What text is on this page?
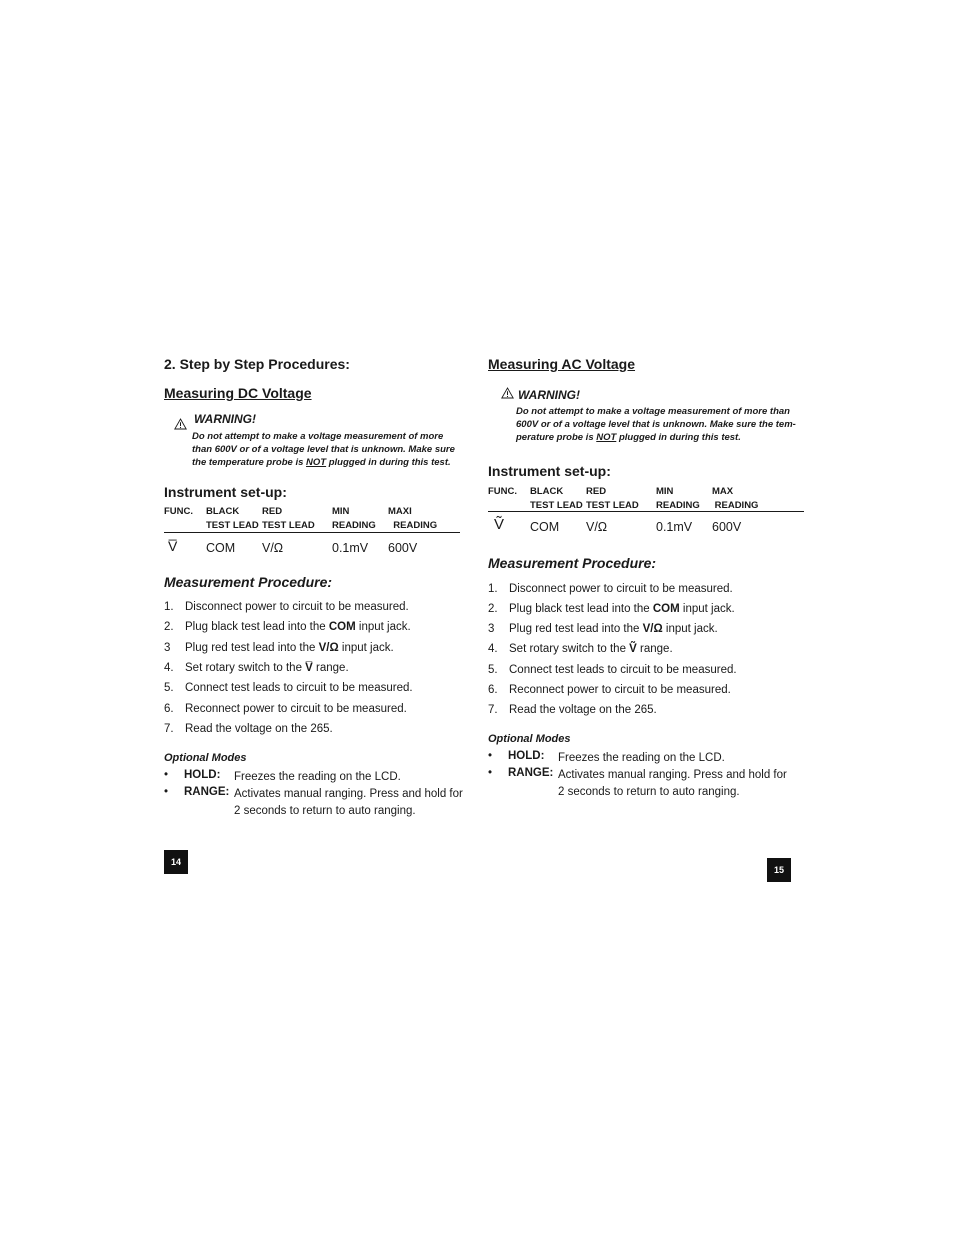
2. Step by Step Procedures:
Measuring DC Voltage
WARNING!
Do not attempt to make a voltage measurement of more than 600V or of a voltage level that is unknown. Make sure the temperature probe is NOT plugged in during this test.
Instrument set-up:
FUNC. BLACK
TEST LEAD
RED
TEST LEAD
MIN
READING
MAXI
READING
V̅ COM V/Ω	0.1mV 600V
Measurement Procedure:
1. Disconnect power to circuit to be measured.
2. Plug black test lead into the COM input jack.
3 Plug red test lead into the V/Ω input jack.
4. Set rotary switch to the V̅ range.
5. Connect test leads to circuit to be measured.
6. Reconnect power to circuit to be measured.
7. Read the voltage on the 265.
Optional Modes
• HOLD: Freezes the reading on the LCD.
• RANGE: Activates manual ranging. Press and hold for 2 seconds to return to auto ranging.
14
Measuring AC Voltage
WARNING!
Do not attempt to make a voltage measurement of more than 600V or of a voltage level that is unknown. Make sure the tem-perature probe is NOT plugged in during this test.
Instrument set-up:
FUNC. BLACK
TEST LEAD
RED
TEST LEAD
MIN
READING
MAX
READING
Ṽ COM V/Ω	0.1mV 600V
Measurement Procedure:
1. Disconnect power to circuit to be measured.
2. Plug black test lead into the COM input jack.
3 Plug red test lead into the V/Ω input jack.
4. Set rotary switch to the Ṽ range.
5. Connect test leads to circuit to be measured.
6. Reconnect power to circuit to be measured.
7. Read the voltage on the 265.
Optional Modes
• HOLD: Freezes the reading on the LCD.
• RANGE: Activates manual ranging. Press and hold for 2 seconds to return to auto ranging.
15
